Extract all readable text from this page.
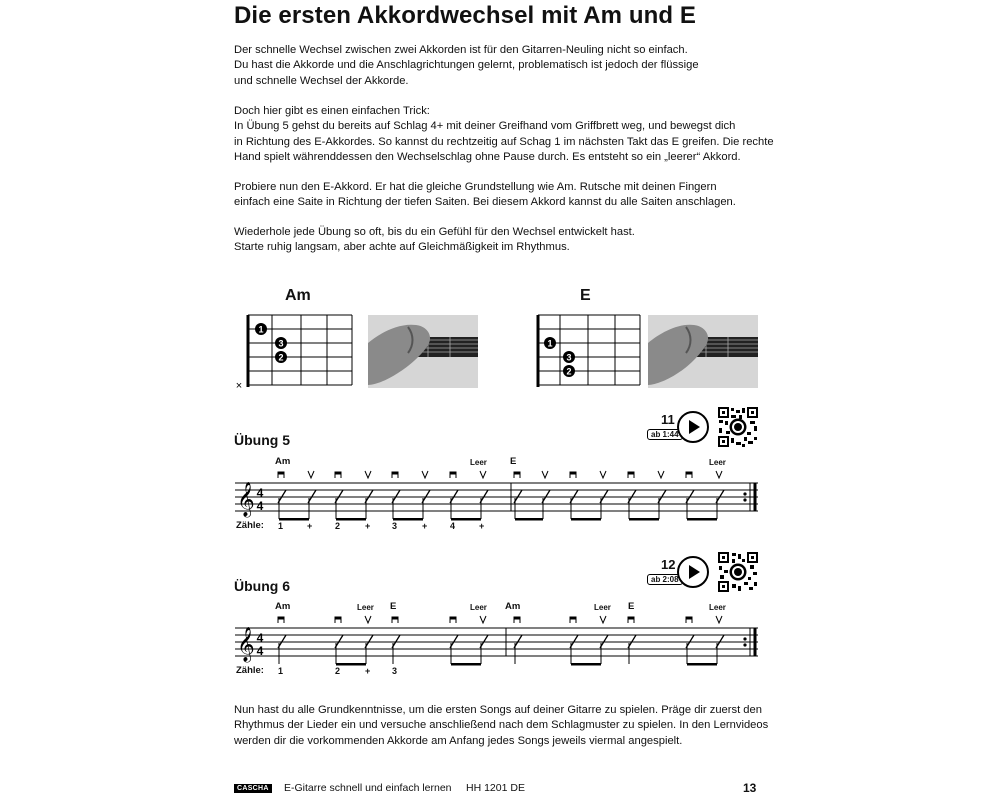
Die ersten Akkordwechsel mit Am und E
Der schnelle Wechsel zwischen zwei Akkorden ist für den Gitarren-Neuling nicht so einfach.
Du hast die Akkorde und die Anschlagrichtungen gelernt, problematisch ist jedoch der flüssige
und schnelle Wechsel der Akkorde.
Doch hier gibt es einen einfachen Trick:
In Übung 5 gehst du bereits auf Schlag 4+ mit deiner Greifhand vom Griffbrett weg, und bewegst dich
in Richtung des E-Akkordes. So kannst du rechtzeitig auf Schag 1 im nächsten Takt das E greifen. Die rechte
Hand spielt währenddessen den Wechselschlag ohne Pause durch. Es entsteht so ein „leerer“ Akkord.
Probiere nun den E-Akkord. Er hat die gleiche Grundstellung wie Am. Rutsche mit deinen Fingern
einfach eine Saite in Richtung der tiefen Saiten. Bei diesem Akkord kannst du alle Saiten anschlagen.
Wiederhole jede Übung so oft, bis du ein Gefühl für den Wechsel entwickelt hast.
Starte ruhig langsam, aber achte auf Gleichmäßigkeit im Rhythmus.
Am
1
3
2
×
E
1
3
2
Übung 5
11
ab 1:44
Am	Leer E	Leer
𝄞 4
4
Zähle: 1	+	2	+ 3	+	4	+
Übung 6
12
ab 2:08
Am	Leer E	Leer Am	Leer E	Leer
𝄞 4
4
Zähle: 1	2	+ 3
Nun hast du alle Grundkenntnisse, um die ersten Songs auf deiner Gitarre zu spielen. Präge dir zuerst den
Rhythmus der Lieder ein und versuche anschließend nach dem Schlagmuster zu spielen. In den Lernvideos
werden dir die vorkommenden Akkorde am Anfang jedes Songs jeweils viermal angespielt.
CASCHA E-Gitarre schnell und einfach lernen HH 1201 DE	13
